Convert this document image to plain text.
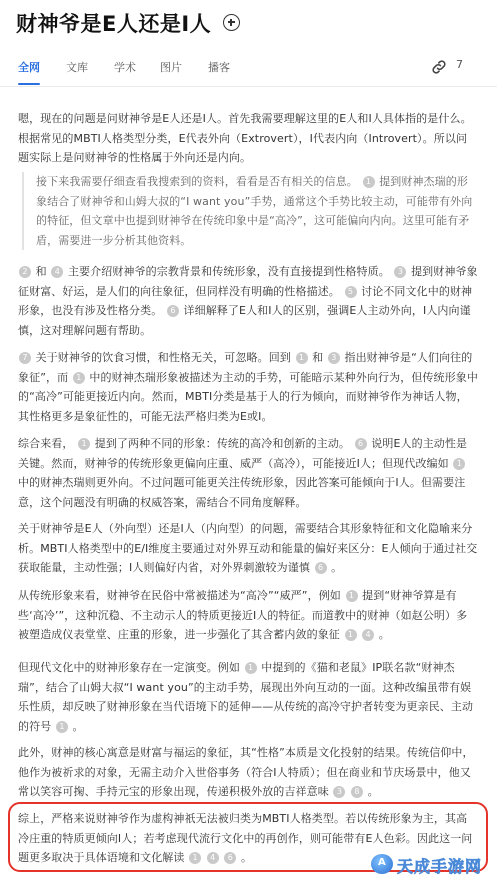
财神爷是E人还是I人
全网 文库 学术 图片 播客	7
嗯，现在的问题是问财神爷是E人还是I人。首先我需要理解这里的E人和I人具体指的是什么。根据常见的MBTI人格类型分类，E代表外向（Extrovert），I代表内向（Introvert）。所以问题实际上是问财神爷的性格属于外向还是内向。
接下来我需要仔细查看我搜索到的资料，看看是否有相关的信息。 1 提到财神杰瑞的形象结合了财神爷和山姆大叔的“I want you”手势，通常这个手势比较主动，可能带有外向的特征，但文章中也提到财神爷在传统印象中是“高冷”，这可能偏向内向。这里可能有矛盾，需要进一步分析其他资料。
2 和 4 主要介绍财神爷的宗教背景和传统形象，没有直接提到性格特质。 3 提到财神爷象征财富、好运，是人们的向往象征，但同样没有明确的性格描述。 5 讨论不同文化中的财神形象，也没有涉及性格分类。 6 详细解释了E人和I人的区别，强调E人主动外向，I人内向谨慎，这对理解问题有帮助。
7 关于财神爷的饮食习惯，和性格无关，可忽略。回到 1 和 3 指出财神爷是“人们向往的象征”，而 1 中的财神杰瑞形象被描述为主动的手势，可能暗示某种外向行为，但传统形象中的“高冷”可能更接近内向。然而，MBTI分类是基于人的行为倾向，而财神爷作为神话人物，其性格更多是象征性的，可能无法严格归类为E或I。
综合来看， 1 提到了两种不同的形象：传统的高冷和创新的主动。 6 说明E人的主动性是关键。然而，财神爷的传统形象更偏向庄重、威严（高冷），可能接近I人；但现代改编如 1 中的财神杰瑞则更外向。不过问题可能更关注传统形象，因此答案可能倾向于I人。但需要注意，这个问题没有明确的权威答案，需结合不同角度解释。
关于财神爷是E人（外向型）还是I人（内向型）的问题，需要结合其形象特征和文化隐喻来分析。MBTI人格类型中的E/I维度主要通过对外界互动和能量的偏好来区分：E人倾向于通过社交获取能量，主动性强；I人则偏好内省，对外界刺激较为谨慎 6 。
从传统形象来看，财神爷在民俗中常被描述为“高冷”“威严”，例如 1 提到“财神爷算是有些‘高冷’”，这种沉稳、不主动示人的特质更接近I人的特征。而道教中的财神（如赵公明）多被塑造成仪表堂堂、庄重的形象，进一步强化了其含蓄内敛的象征 1 4 。
但现代文化中的财神形象存在一定演变。例如 1 中提到的《猫和老鼠》IP联名款“财神杰瑞”，结合了山姆大叔“I want you”的主动手势，展现出外向互动的一面。这种改编虽带有娱乐性质，却反映了财神形象在当代语境下的延伸——从传统的高冷守护者转变为更亲民、主动的符号 1 。
此外，财神的核心寓意是财富与福运的象征，其“性格”本质是文化投射的结果。传统信仰中，他作为被祈求的对象，无需主动介入世俗事务（符合I人特质）；但在商业和节庆场景中，他又常以笑容可掬、手持元宝的形象出现，传递积极外放的吉祥意味 3 8 。
综上，严格来说财神爷作为虚构神祇无法被归类为MBTI人格类型。若以传统形象为主，其高冷庄重的特质更倾向I人；若考虑现代流行文化中的再创作，则可能带有E人色彩。因此这一问题更多取决于具体语境和文化解读 1 4 6 。	A 天成手游网
